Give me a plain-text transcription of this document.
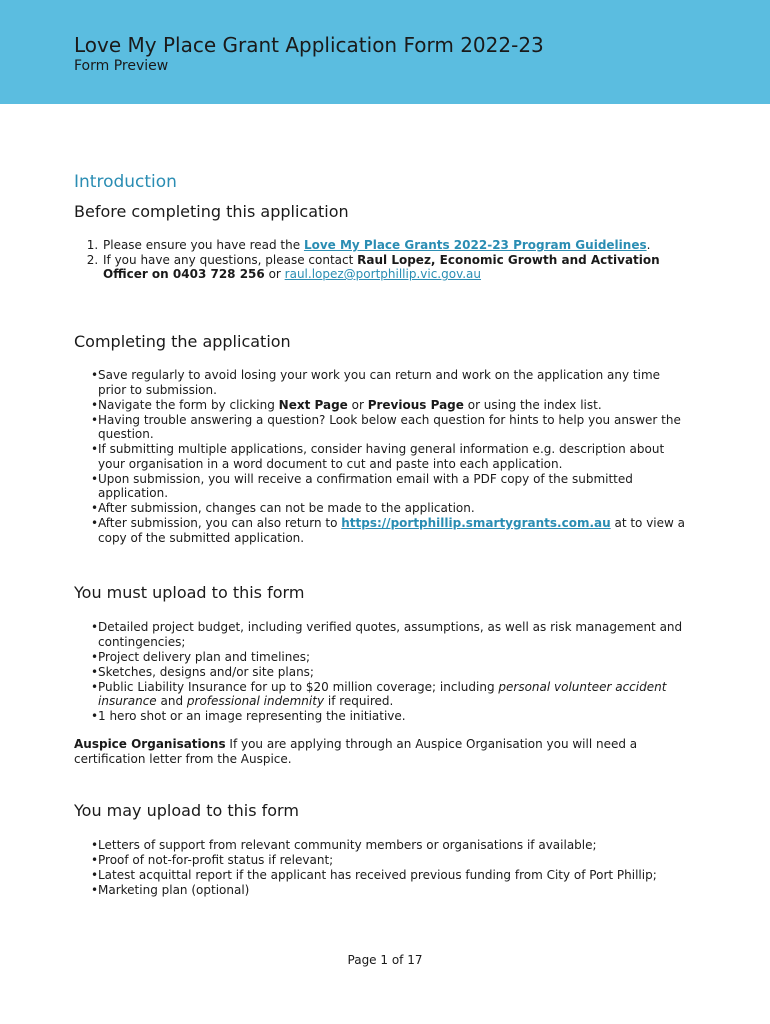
Love My Place Grant Application Form 2022-23
Form Preview
Introduction
Before completing this application
1. Please ensure you have read the Love My Place Grants 2022-23 Program Guidelines.
2. If you have any questions, please contact Raul Lopez, Economic Growth and Activation Officer on 0403 728 256 or raul.lopez@portphillip.vic.gov.au
Completing the application
• Save regularly to avoid losing your work you can return and work on the application any time prior to submission.
• Navigate the form by clicking Next Page or Previous Page or using the index list.
• Having trouble answering a question? Look below each question for hints to help you answer the question.
• If submitting multiple applications, consider having general information e.g. description about your organisation in a word document to cut and paste into each application.
• Upon submission, you will receive a confirmation email with a PDF copy of the submitted application.
• After submission, changes can not be made to the application.
• After submission, you can also return to https://portphillip.smartygrants.com.au at to view a copy of the submitted application.
You must upload to this form
• Detailed project budget, including verified quotes, assumptions, as well as risk management and contingencies;
• Project delivery plan and timelines;
• Sketches, designs and/or site plans;
• Public Liability Insurance for up to $20 million coverage; including personal volunteer accident insurance and professional indemnity if required.
• 1 hero shot or an image representing the initiative.
Auspice Organisations If you are applying through an Auspice Organisation you will need a certification letter from the Auspice.
You may upload to this form
• Letters of support from relevant community members or organisations if available;
• Proof of not-for-profit status if relevant;
• Latest acquittal report if the applicant has received previous funding from City of Port Phillip;
• Marketing plan (optional)
Page 1 of 17
